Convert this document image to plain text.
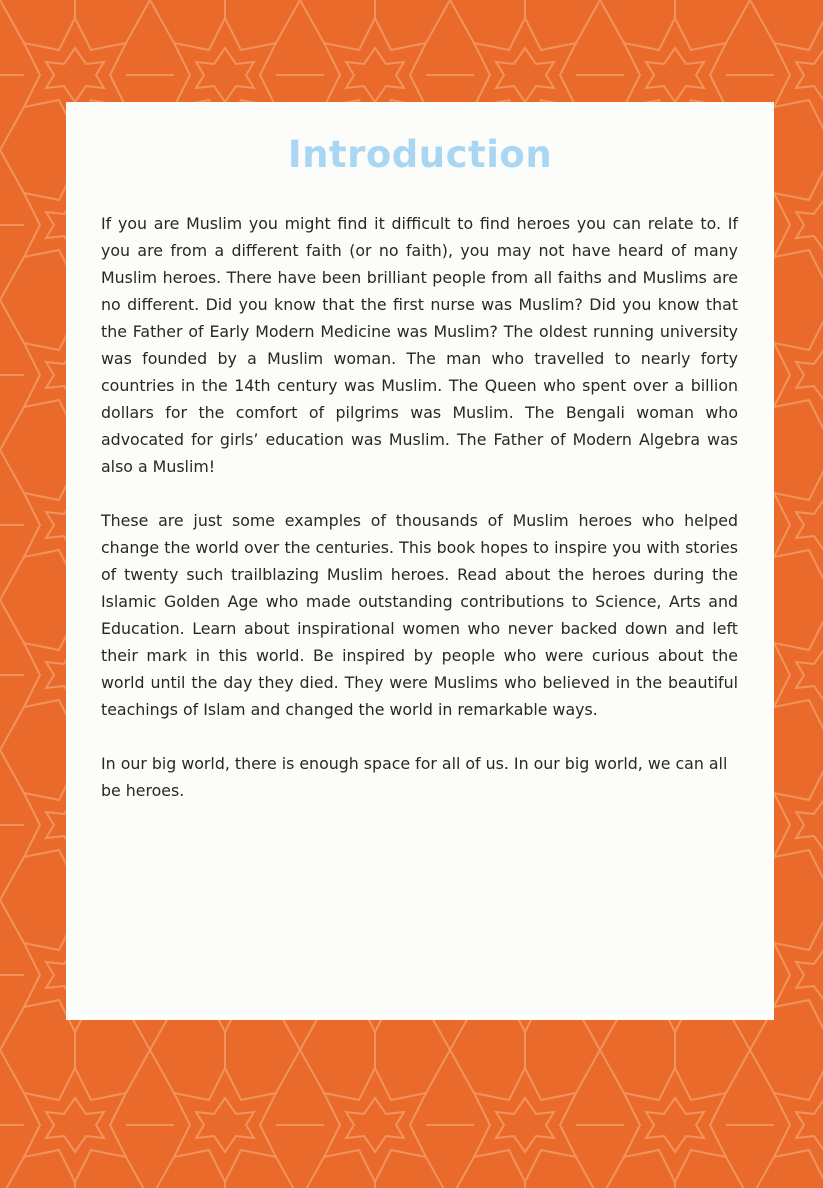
Introduction

If you are Muslim you might find it difficult to find heroes you can relate to. If you are from a different faith (or no faith), you may not have heard of many Muslim heroes. There have been brilliant people from all faiths and Muslims are no different. Did you know that the first nurse was Muslim? Did you know that the Father of Early Modern Medicine was Muslim? The oldest running university was founded by a Muslim woman. The man who travelled to nearly forty countries in the 14th century was Muslim. The Queen who spent over a billion dollars for the comfort of pilgrims was Muslim. The Bengali woman who advocated for girls’ education was Muslim. The Father of Modern Algebra was also a Muslim!

These are just some examples of thousands of Muslim heroes who helped change the world over the centuries. This book hopes to inspire you with stories of twenty such trailblazing Muslim heroes. Read about the heroes during the Islamic Golden Age who made outstanding contributions to Science, Arts and Education. Learn about inspirational women who never backed down and left their mark in this world. Be inspired by people who were curious about the world until the day they died. They were Muslims who believed in the beautiful teachings of Islam and changed the world in remarkable ways.

In our big world, there is enough space for all of us. In our big world, we can all be heroes.
